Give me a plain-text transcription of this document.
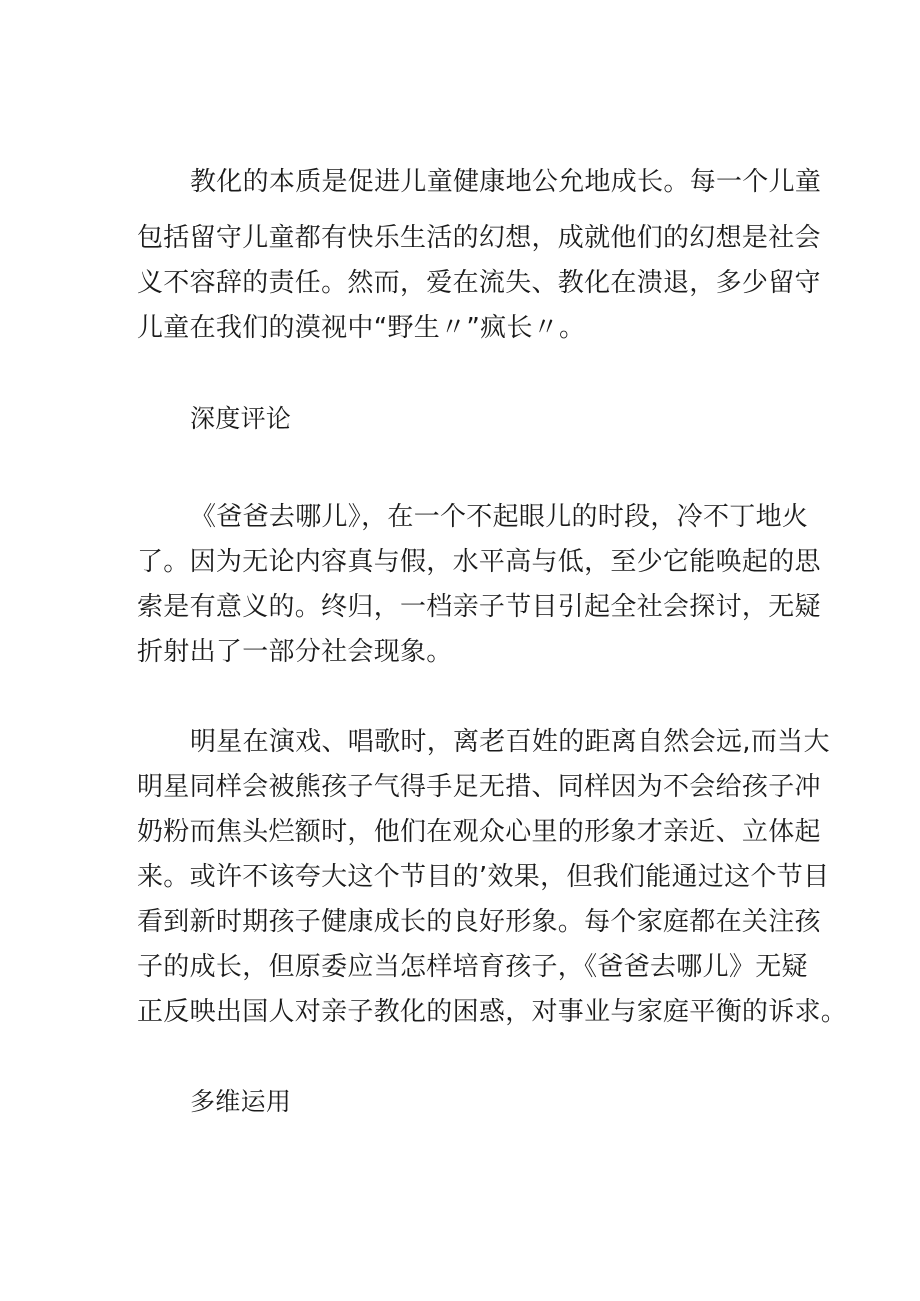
教化的本质是促进儿童健康地公允地成长。每一个儿童
包括留守儿童都有快乐生活的幻想，成就他们的幻想是社会
义不容辞的责任。然而，爱在流失、教化在溃退，多少留守
儿童在我们的漠视中“野生〃”疯长〃。
深度评论
《爸爸去哪儿》，在一个不起眼儿的时段，冷不丁地火
了。因为无论内容真与假，水平高与低，至少它能唤起的思
索是有意义的。终归，一档亲子节目引起全社会探讨，无疑
折射出了一部分社会现象。
明星在演戏、唱歌时，离老百姓的距离自然会远,而当大
明星同样会被熊孩子气得手足无措、同样因为不会给孩子冲
奶粉而焦头烂额时，他们在观众心里的形象才亲近、立体起
来。或许不该夸大这个节目的’效果，但我们能通过这个节目
看到新时期孩子健康成长的良好形象。每个家庭都在关注孩
子的成长，但原委应当怎样培育孩子，《爸爸去哪儿》无疑
正反映出国人对亲子教化的困惑，对事业与家庭平衡的诉求。
多维运用
